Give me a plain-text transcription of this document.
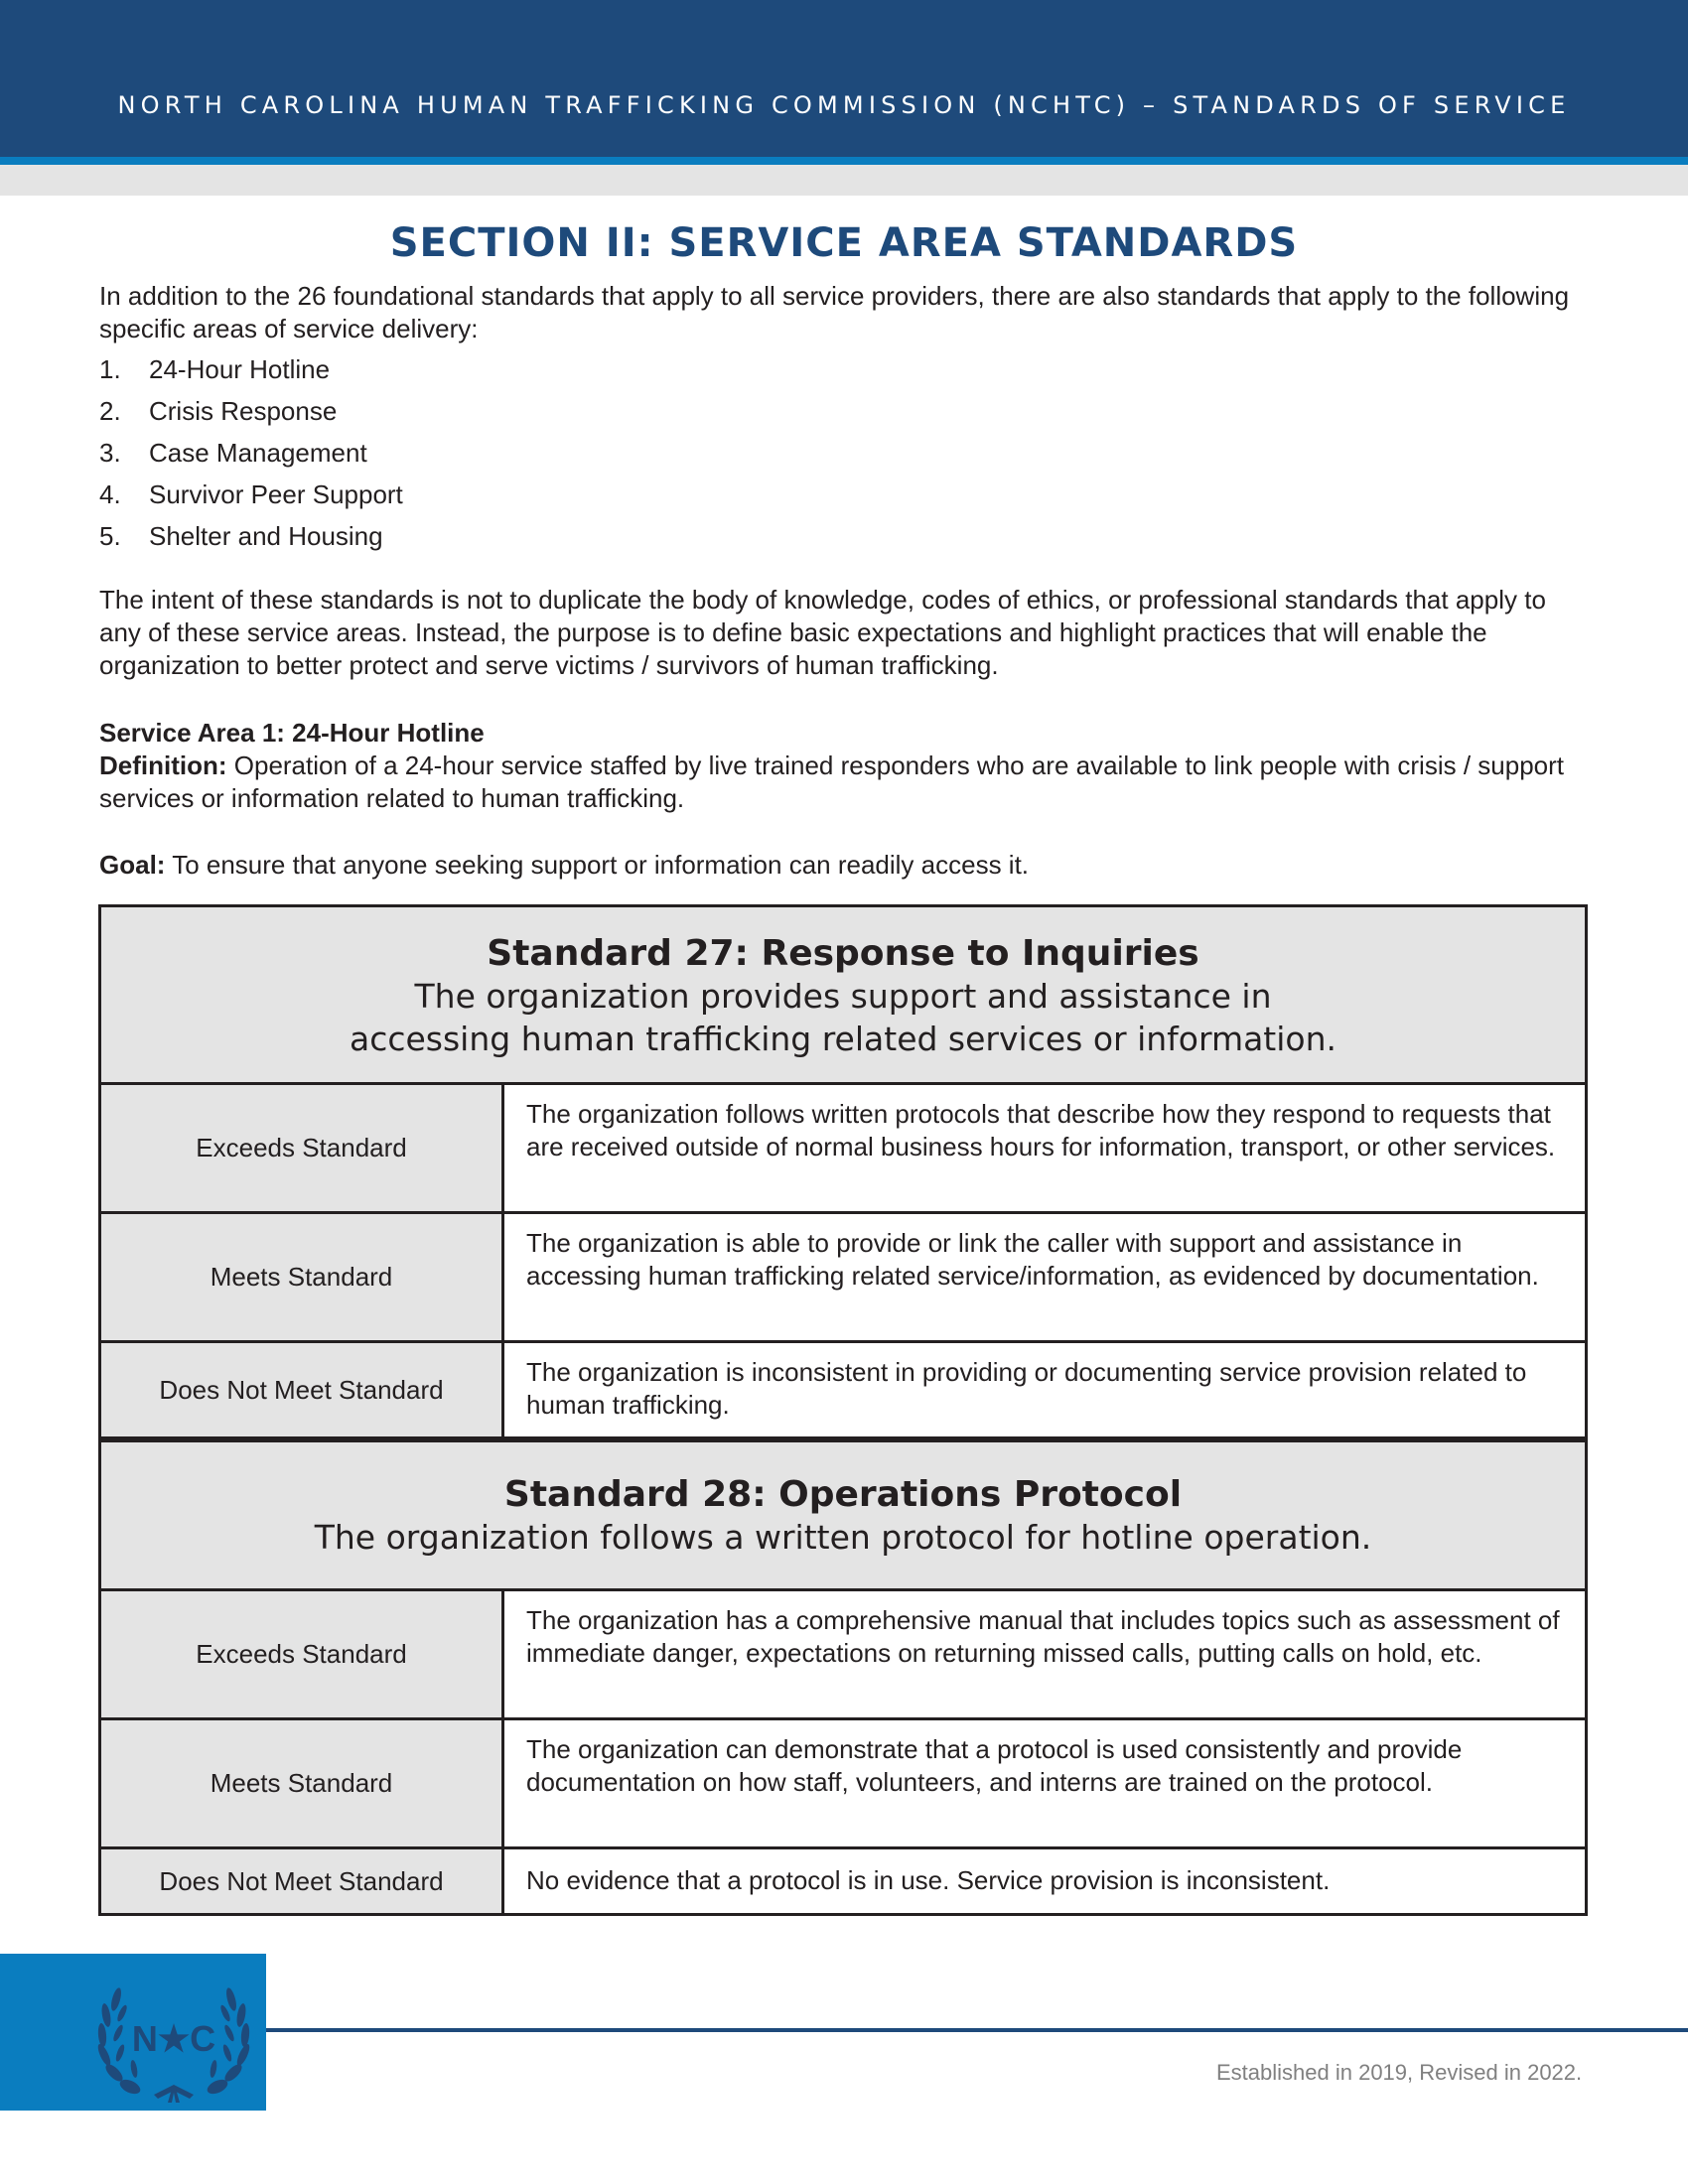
NORTH CAROLINA HUMAN TRAFFICKING COMMISSION (NCHTC) – STANDARDS OF SERVICE
SECTION II: SERVICE AREA STANDARDS

In addition to the 26 foundational standards that apply to all service providers, there are also standards that apply to the following specific areas of service delivery:

1. 24-Hour Hotline
2. Crisis Response
3. Case Management
4. Survivor Peer Support
5. Shelter and Housing

The intent of these standards is not to duplicate the body of knowledge, codes of ethics, or professional standards that apply to any of these service areas. Instead, the purpose is to define basic expectations and highlight practices that will enable the organization to better protect and serve victims / survivors of human trafficking.

Service Area 1: 24-Hour Hotline

Definition: Operation of a 24-hour service staffed by live trained responders who are available to link people with crisis / support services or information related to human trafficking.

Goal: To ensure that anyone seeking support or information can readily access it.

Standard 27: Response to Inquiries
The organization provides support and assistance in
accessing human trafficking related services or information.
Exceeds Standard
The organization follows written protocols that describe how they respond to requests that are received outside of normal business hours for information, transport, or other services.
Meets Standard
The organization is able to provide or link the caller with support and assistance in accessing human trafficking related service/information, as evidenced by documentation.
Does Not Meet Standard
The organization is inconsistent in providing or documenting service provision related to human trafficking.
Standard 28: Operations Protocol
The organization follows a written protocol for hotline operation.
Exceeds Standard
The organization has a comprehensive manual that includes topics such as assessment of immediate danger, expectations on returning missed calls, putting calls on hold, etc.
Meets Standard
The organization can demonstrate that a protocol is used consistently and provide documentation on how staff, volunteers, and interns are trained on the protocol.
Does Not Meet Standard	No evidence that a protocol is in use. Service provision is inconsistent.
N★C
Established in 2019, Revised in 2022.
